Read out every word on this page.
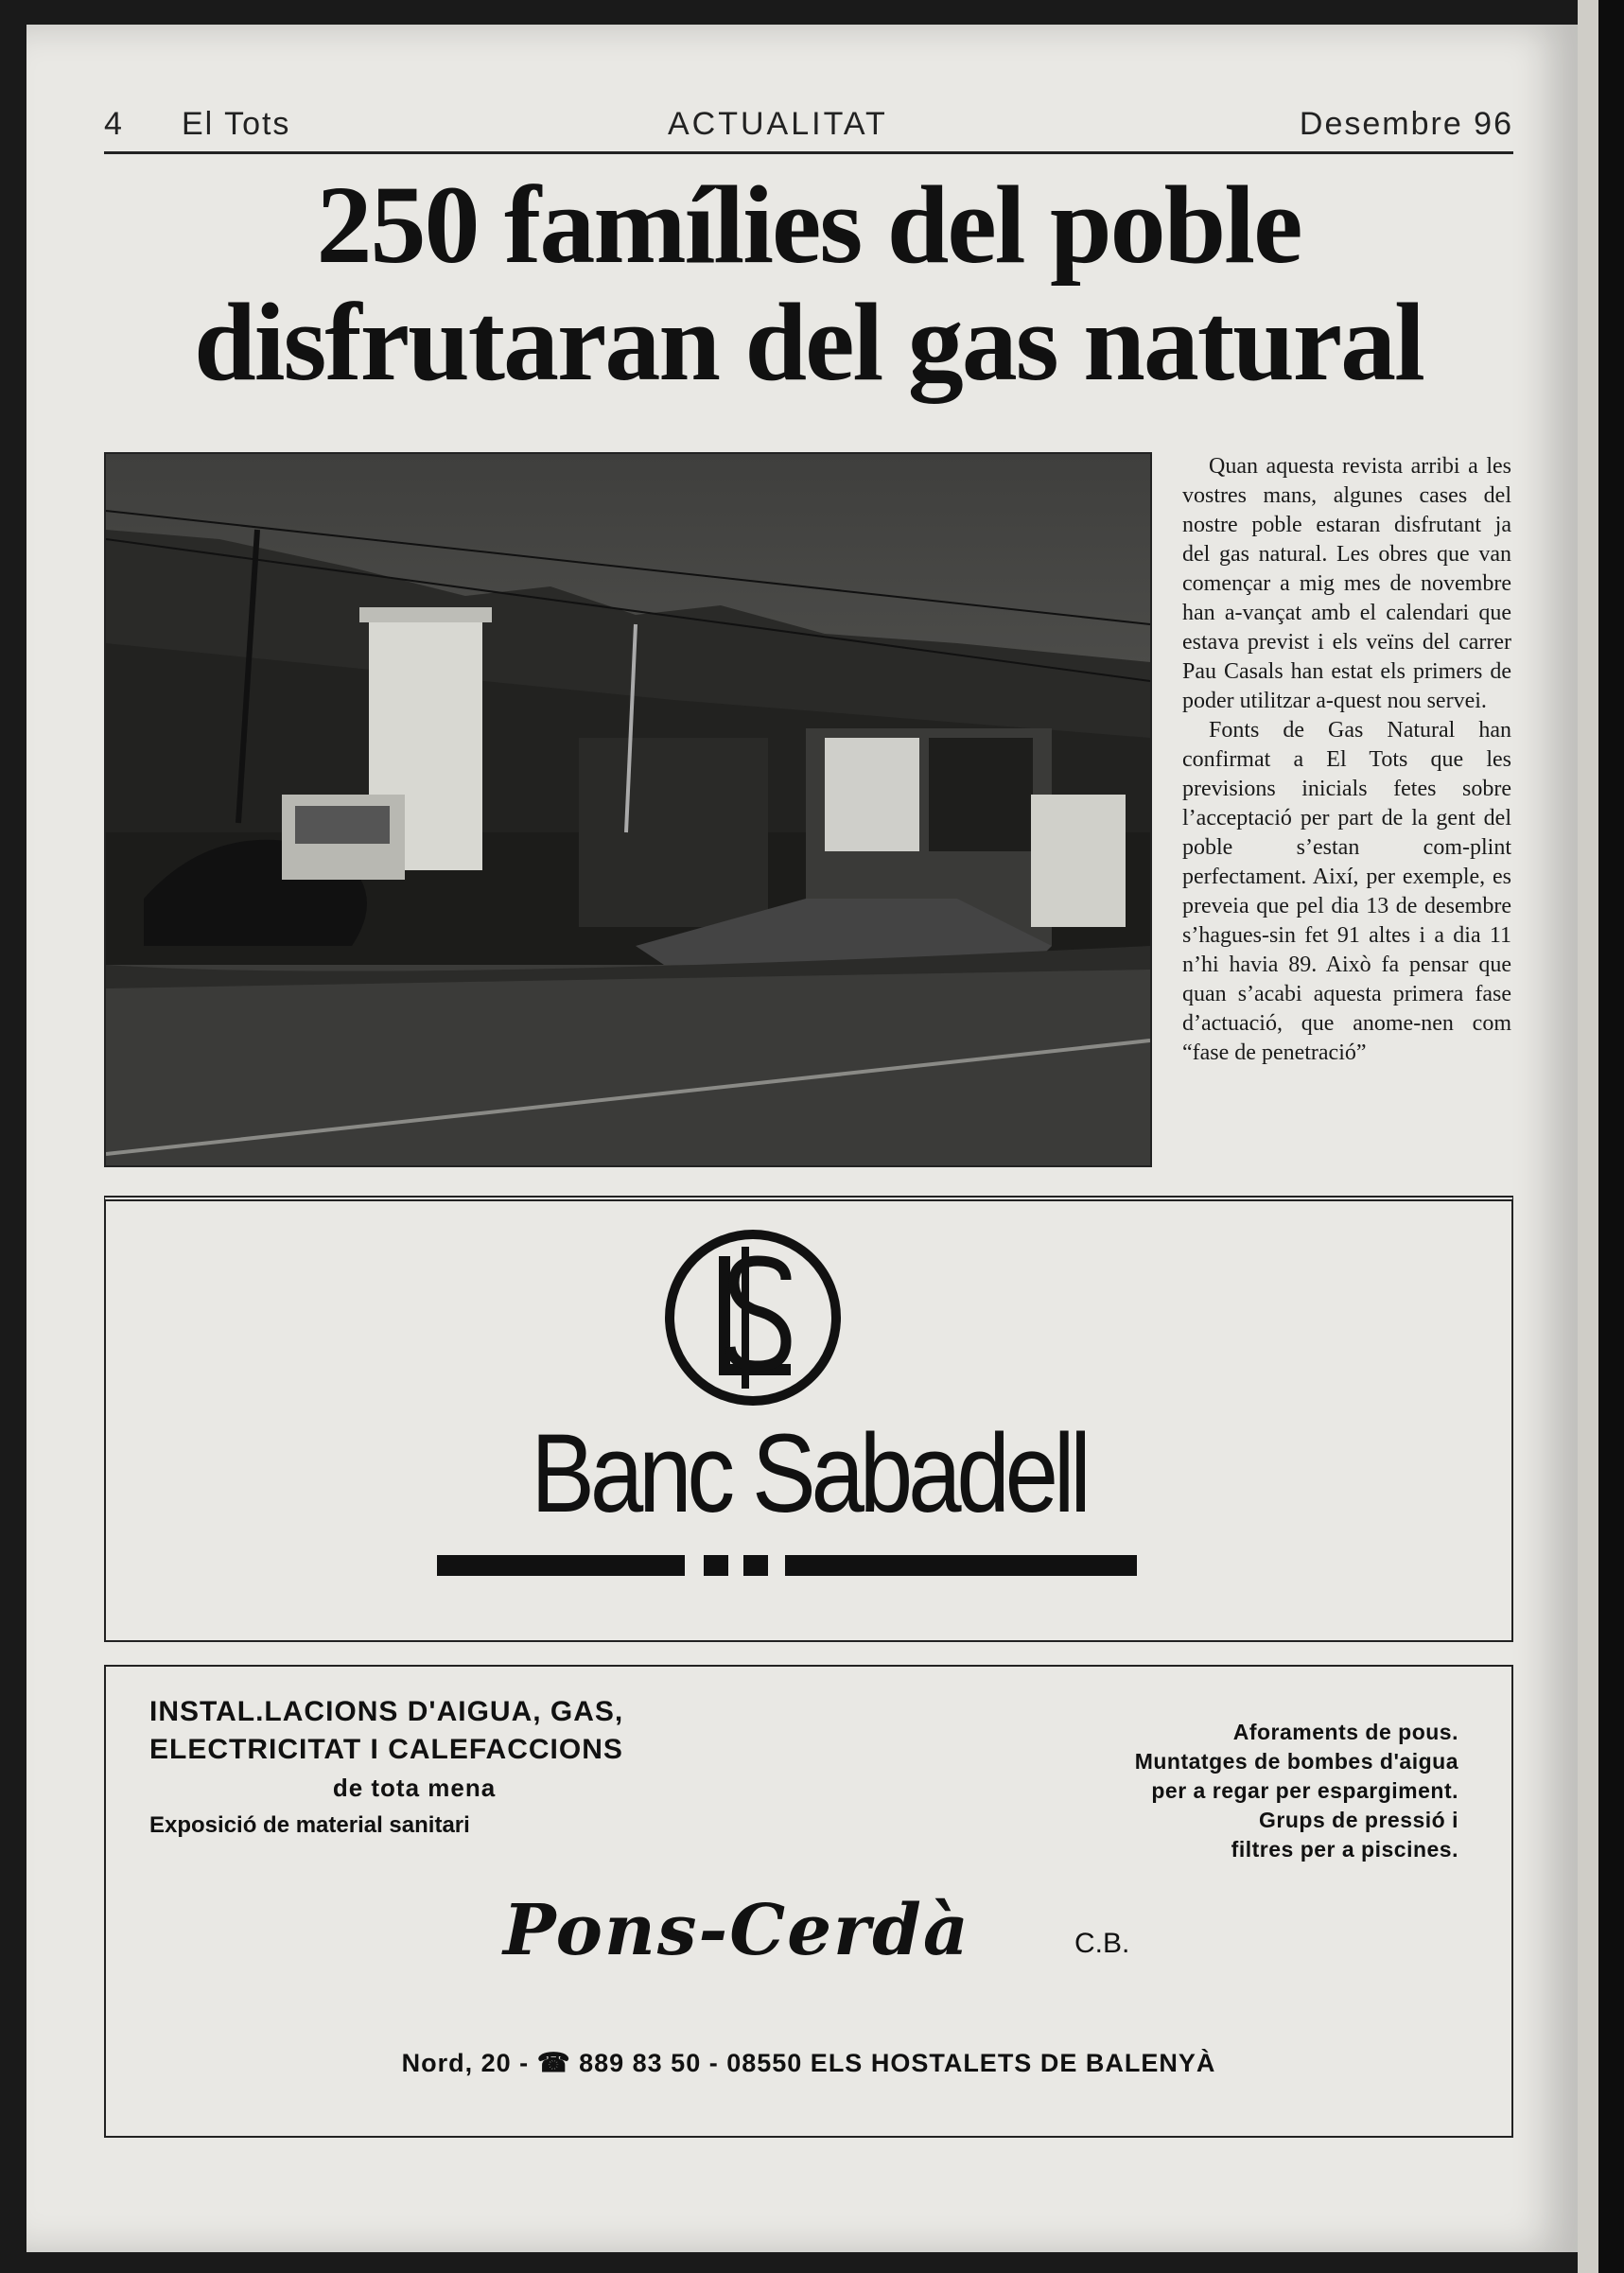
4 El Tots	ACTUALITAT	Desembre 96
250 famílies del poble
disfrutaran del gas natural

Quan aquesta revista arribi a les vostres mans, algunes cases del nostre poble estaran disfrutant ja del gas natural. Les obres que van començar a mig mes de novembre han a-vançat amb el calendari que estava previst i els veïns del carrer Pau Casals han estat els primers de poder utilitzar a-quest nou servei.

Fonts de Gas Natural han confirmat a El Tots que les previsions inicials fetes sobre l’acceptació per part de la gent del poble s’estan com-plint perfectament. Així, per exemple, es preveia que pel dia 13 de desembre s’hagues-sin fet 91 altes i a dia 11 n’hi havia 89. Això fa pensar que quan s’acabi aquesta primera fase d’actuació, que anome-nen com “fase de penetració”

Banc Sabadell
INSTAL.LACIONS D'AIGUA, GAS,
ELECTRICITAT I CALEFACCIONS
de tota mena
Exposició de material sanitari
Aforaments de pous.
Muntatges de bombes d'aigua
per a regar per espargiment.
Grups de pressió i
filtres per a piscines.
Pons-Cerdà	C.B.
Nord, 20 - ☎ 889 83 50 - 08550 ELS HOSTALETS DE BALENYÀ
